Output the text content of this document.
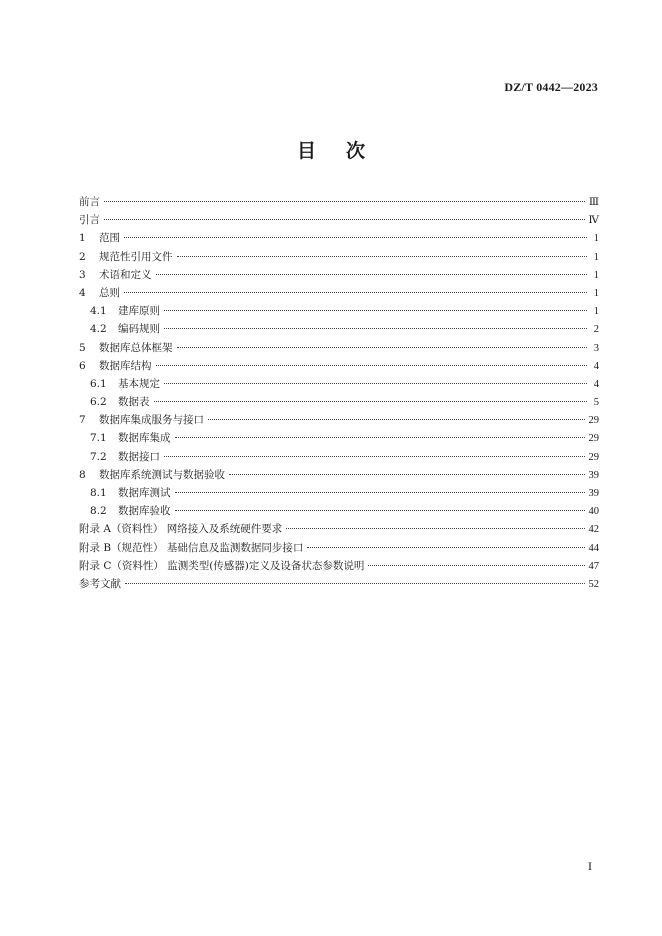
DZ/T 0442—2023
目 次
前言	Ⅲ
引言	Ⅳ
1	范围	1
2	规范性引用文件	1
3	术语和定义	1
4	总则	1
4.1	建库原则	1
4.2	编码规则	2
5	数据库总体框架	3
6	数据库结构	4
6.1	基本规定	4
6.2	数据表	5
7	数据库集成服务与接口	29
7.1	数据库集成	29
7.2	数据接口	29
8	数据库系统测试与数据验收	39
8.1	数据库测试	39
8.2	数据库验收	40
附录 A（资料性） 网络接入及系统硬件要求	42
附录 B（规范性） 基础信息及监测数据同步接口	44
附录 C（资料性） 监测类型(传感器)定义及设备状态参数说明	47
参考文献	52
I
